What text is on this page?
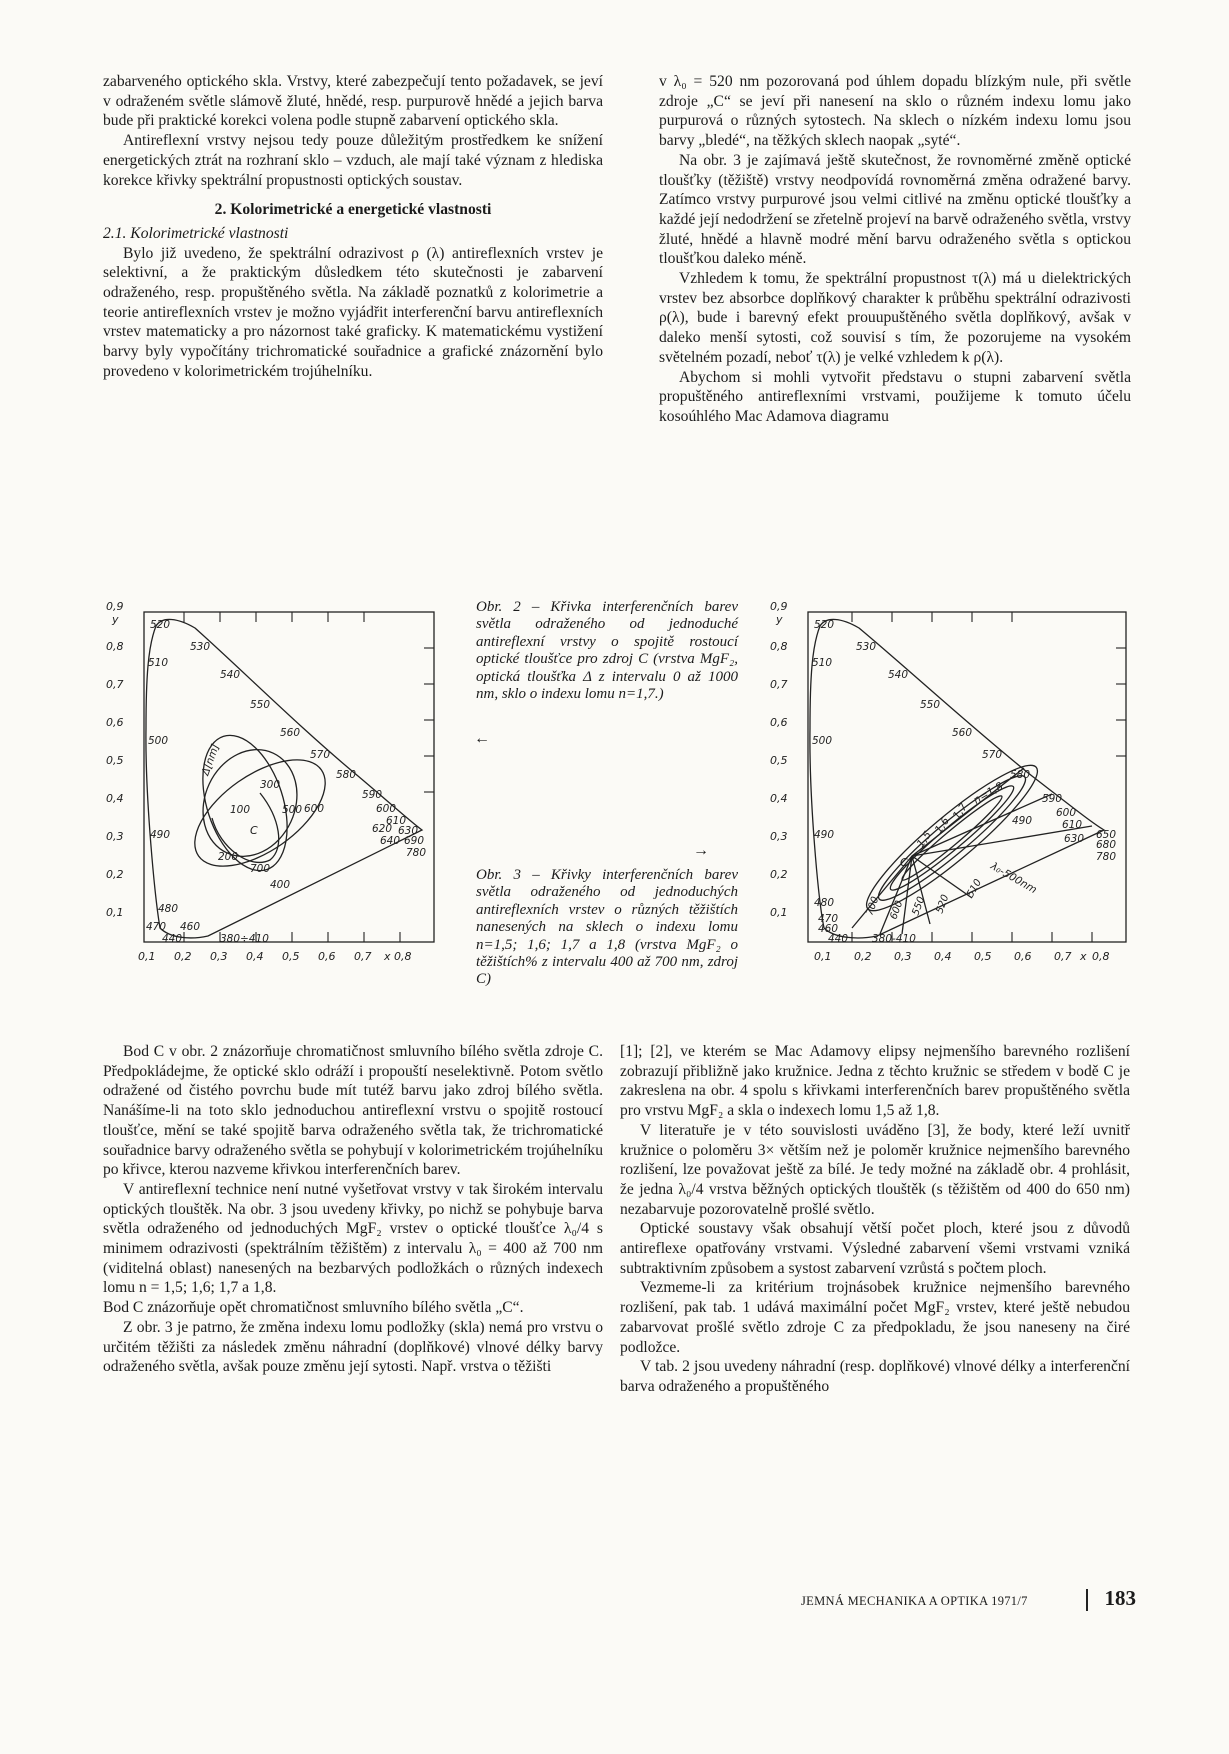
zabarveného optického skla. Vrstvy, které zabezpečují tento požadavek, se jeví v odraženém světle slámově žluté, hnědé, resp. purpurově hnědé a jejich barva bude při praktické korekci volena podle stupně zabarvení optického skla.

Antireflexní vrstvy nejsou tedy pouze důležitým prostředkem ke snížení energetických ztrát na rozhraní sklo – vzduch, ale mají také význam z hlediska korekce křivky spektrální propustnosti optických soustav.

2. Kolorimetrické a energetické vlastnosti

2.1. Kolorimetrické vlastnosti

Bylo již uvedeno, že spektrální odrazivost ρ (λ) antireflexních vrstev je selektivní, a že praktickým důsledkem této skutečnosti je zabarvení odraženého, resp. propuštěného světla. Na základě poznatků z kolorimetrie a teorie antireflexních vrstev je možno vyjádřit interferenční barvu antireflexních vrstev matematicky a pro názornost také graficky. K matematickému vystižení barvy byly vypočítány trichromatické souřadnice a grafické znázornění bylo provedeno v kolorimetrickém trojúhelníku.

v λ₀ = 520 nm pozorovaná pod úhlem dopadu blízkým nule, při světle zdroje „C“ se jeví při nanesení na sklo o různém indexu lomu jako purpurová o různých sytostech. Na sklech o nízkém indexu lomu jsou barvy „bledé“, na těžkých sklech naopak „syté“.

Na obr. 3 je zajímavá ještě skutečnost, že rovnoměrné změně optické tloušťky (těžiště) vrstvy neodpovídá rovnoměrná změna odražené barvy. Zatímco vrstvy purpurové jsou velmi citlivé na změnu optické tloušťky a každé její nedodržení se zřetelně projeví na barvě odraženého světla, vrstvy žluté, hnědé a hlavně modré mění barvu odraženého světla s optickou tloušťkou daleko méně.

Vzhledem k tomu, že spektrální propustnost τ(λ) má u dielektrických vrstev bez absorbce doplňkový charakter k průběhu spektrální odrazivosti ρ(λ), bude i barevný efekt prouupuštěného světla doplňkový, avšak v daleko menší sytosti, což souvisí s tím, že pozorujeme na vysokém světelném pozadí, neboť τ(λ) je velké vzhledem k ρ(λ).

Abychom si mohli vytvořit představu o stupni zabarvení světla propuštěného antireflexními vrstvami, použijeme k tomuto účelu kosoúhlého Mac Adamova diagramu

0,9
y
0,8
0,7
0,6
0,5
0,4
0,3
0,2
0,1
0,1 0,2 0,3 0,4 0,5 0,6 0,7 x 0,8
520
530
540
550
560
570
580
590
600
610
620 630
640 690
780
510
500
490
480
470 460
440	380÷410
Δ[nm]
300
100	500
200
C
700
400
600
Obr. 2 – Křivka interferenčních barev světla odraženého od jednoduché antireflexní vrstvy o spojitě rostoucí optické tloušťce pro zdroj C (vrstva MgF₂, optická tloušťka Δ z intervalu 0 až 1000 nm, sklo o indexu lomu n=1,7.)
←
→
Obr. 3 – Křivky interferenčních barev světla odraženého od jednoduchých antireflexních vrstev o různých těžištích nanesených na sklech o indexu lomu n=1,5; 1,6; 1,7 a 1,8 (vrstva MgF₂ o těžištích% z intervalu 400 až 700 nm, zdroj C)
0,9
y
0,8
0,7
0,6
0,5
0,4
0,3
0,2
0,1
0,1 0,2 0,3 0,4 0,5 0,6 0,7 x 0,8
520
530
540
550
560
570
580
590
600
610
630 650
680
780
510
500
490
480
470
460
440 380-410
C
1,5
1,6
1,7
n=1,8
λ₀-500nm
700 600 550 520
510
490

Bod C v obr. 2 znázorňuje chromatičnost smluvního bílého světla zdroje C. Předpokládejme, že optické sklo odráží i propouští neselektivně. Potom světlo odražené od čistého povrchu bude mít tutéž barvu jako zdroj bílého světla. Nanášíme-li na toto sklo jednoduchou antireflexní vrstvu o spojitě rostoucí tloušťce, mění se také spojitě barva odraženého světla tak, že trichromatické souřadnice barvy odraženého světla se pohybují v kolorimetrickém trojúhelníku po křivce, kterou nazveme křivkou interferenčních barev.

V antireflexní technice není nutné vyšetřovat vrstvy v tak širokém intervalu optických tlouštěk. Na obr. 3 jsou uvedeny křivky, po nichž se pohybuje barva světla odraženého od jednoduchých MgF₂ vrstev o optické tloušťce λ₀/4 s minimem odrazivosti (spektrálním těžištěm) z intervalu λ₀ = 400 až 700 nm (viditelná oblast) nanesených na bezbarvých podložkách o různých indexech lomu n = 1,5; 1,6; 1,7 a 1,8.

Bod C znázorňuje opět chromatičnost smluvního bílého světla „C“.

Z obr. 3 je patrno, že změna indexu lomu podložky (skla) nemá pro vrstvu o určitém těžišti za následek změnu náhradní (doplňkové) vlnové délky barvy odraženého světla, avšak pouze změnu její sytosti. Např. vrstva o těžišti

[1]; [2], ve kterém se Mac Adamovy elipsy nejmenšího barevného rozlišení zobrazují přibližně jako kružnice. Jedna z těchto kružnic se středem v bodě C je zakreslena na obr. 4 spolu s křivkami interferenčních barev propuštěného světla pro vrstvu MgF₂ a skla o indexech lomu 1,5 až 1,8.

V literatuře je v této souvislosti uváděno [3], že body, které leží uvnitř kružnice o poloměru 3× větším než je poloměr kružnice nejmenšího barevného rozlišení, lze považovat ještě za bílé. Je tedy možné na základě obr. 4 prohlásit, že jedna λ₀/4 vrstva běžných optických tlouštěk (s těžištěm od 400 do 650 nm) nezabarvuje pozorovatelně prošlé světlo.

Optické soustavy však obsahují větší počet ploch, které jsou z důvodů antireflexe opatřovány vrstvami. Výsledné zabarvení všemi vrstvami vzniká subtraktivním způsobem a systost zabarvení vzrůstá s počtem ploch.

Vezmeme-li za kritérium trojnásobek kružnice nejmenšího barevného rozlišení, pak tab. 1 udává maximální počet MgF₂ vrstev, které ještě nebudou zabarvovat prošlé světlo zdroje C za předpokladu, že jsou naneseny na čiré podložce.

V tab. 2 jsou uvedeny náhradní (resp. doplňkové) vlnové délky a interferenční barva odraženého a propuštěného

JEMNÁ MECHANIKA A OPTIKA 1971/7	183
